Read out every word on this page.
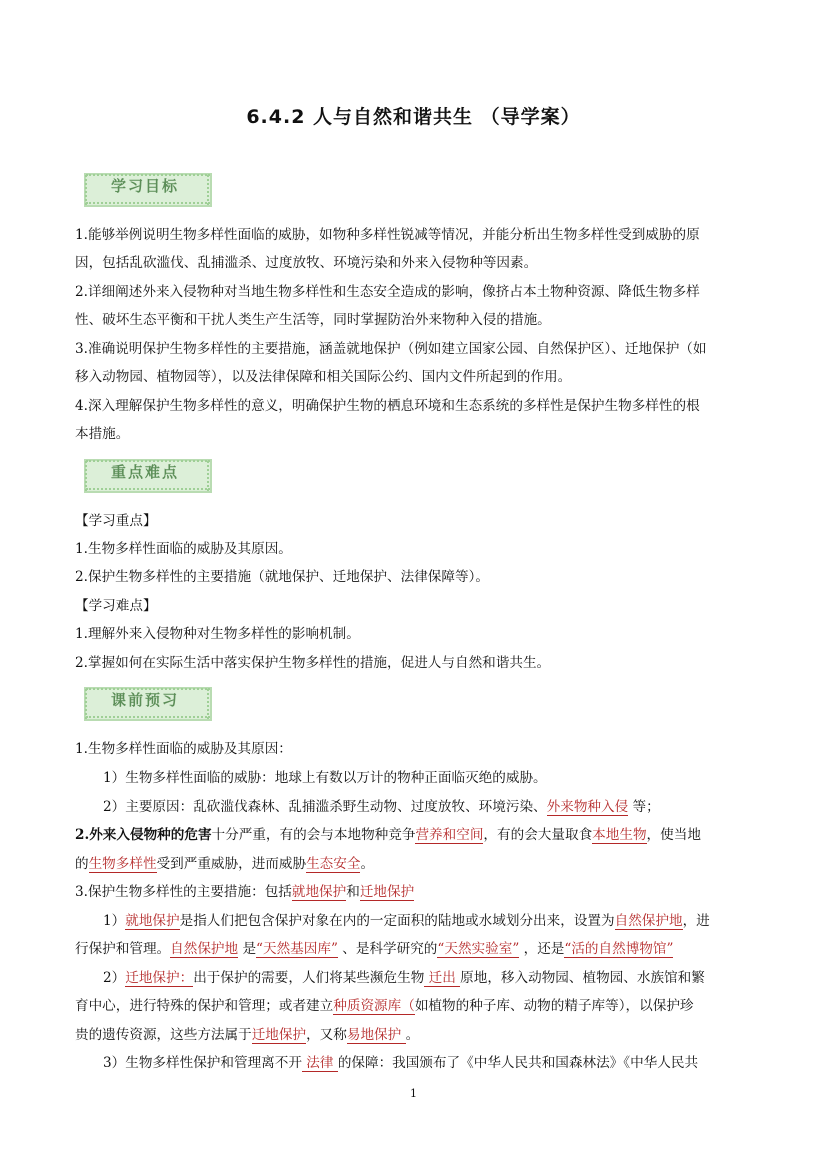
6.4.2 人与自然和谐共生 （导学案）
学习目标
1.能够举例说明生物多样性面临的威胁，如物种多样性锐减等情况，并能分析出生物多样性受到威胁的原
因，包括乱砍滥伐、乱捕滥杀、过度放牧、环境污染和外来入侵物种等因素。
2.详细阐述外来入侵物种对当地生物多样性和生态安全造成的影响，像挤占本土物种资源、降低生物多样
性、破坏生态平衡和干扰人类生产生活等，同时掌握防治外来物种入侵的措施。
3.准确说明保护生物多样性的主要措施，涵盖就地保护（例如建立国家公园、自然保护区）、迁地保护（如
移入动物园、植物园等），以及法律保障和相关国际公约、国内文件所起到的作用。
4.深入理解保护生物多样性的意义，明确保护生物的栖息环境和生态系统的多样性是保护生物多样性的根
本措施。
重点难点
【学习重点】
1.生物多样性面临的威胁及其原因。
2.保护生物多样性的主要措施（就地保护、迁地保护、法律保障等）。
【学习难点】
1.理解外来入侵物种对生物多样性的影响机制。
2.掌握如何在实际生活中落实保护生物多样性的措施，促进人与自然和谐共生。
课前预习
1.生物多样性面临的威胁及其原因：
1）生物多样性面临的威胁：地球上有数以万计的物种正面临灭绝的威胁。
2）主要原因：乱砍滥伐森林、乱捕滥杀野生动物、过度放牧、环境污染、外来物种入侵 等；
2.外来入侵物种的危害十分严重，有的会与本地物种竞争营养和空间，有的会大量取食本地生物，使当地
的生物多样性受到严重威胁，进而威胁生态安全。
3.保护生物多样性的主要措施：包括就地保护和迁地保护
1）就地保护是指人们把包含保护对象在内的一定面积的陆地或水域划分出来，设置为自然保护地，进
行保护和管理。自然保护地 是“天然基因库” 、是科学研究的“天然实验室” ，还是“活的自然博物馆”
2）迁地保护：出于保护的需要，人们将某些濒危生物 迁出 原地，移入动物园、植物园、水族馆和繁
育中心，进行特殊的保护和管理；或者建立种质资源库（如植物的种子库、动物的精子库等），以保护珍
贵的遗传资源，这些方法属于迁地保护，又称易地保护 。
3）生物多样性保护和管理离不开 法律 的保障：我国颁布了《中华人民共和国森林法》《中华人民共
1
